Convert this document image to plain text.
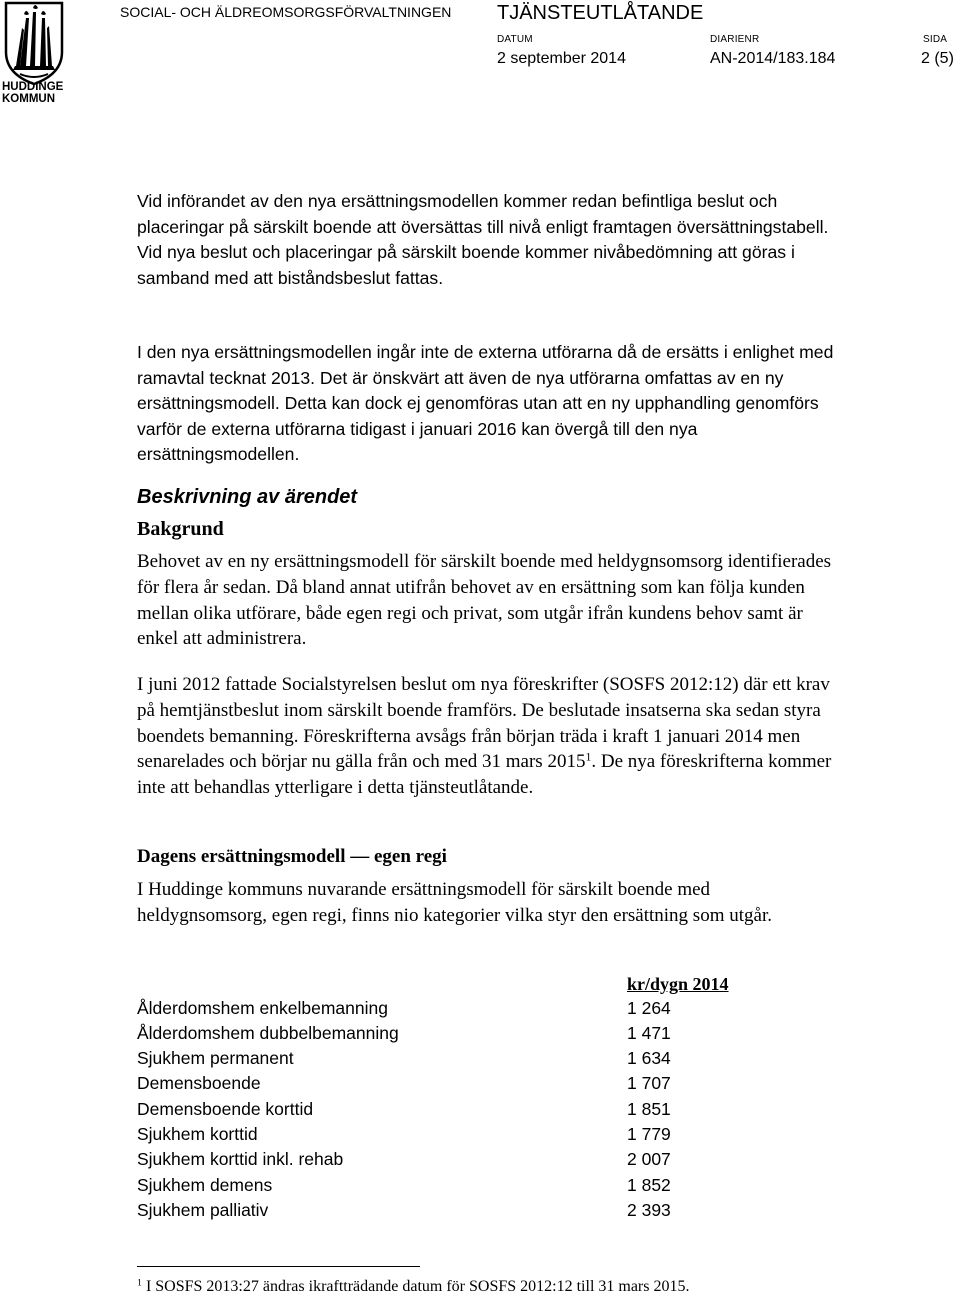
HUDDINGE
KOMMUN
SOCIAL- OCH ÄLDREOMSORGSFÖRVALTNINGEN TJÄNSTEUTLÅTANDE
DATUM
2 september 2014
DIARIENR
AN-2014/183.184
SIDA
2 (5)

Vid införandet av den nya ersättningsmodellen kommer redan befintliga beslut och placeringar på särskilt boende att översättas till nivå enligt framtagen översättningstabell. Vid nya beslut och placeringar på särskilt boende kommer nivåbedömning att göras i samband med att biståndsbeslut fattas.

I den nya ersättningsmodellen ingår inte de externa utförarna då de ersätts i enlighet med ramavtal tecknat 2013. Det är önskvärt att även de nya utförarna omfattas av en ny ersättningsmodell. Detta kan dock ej genomföras utan att en ny upphandling genomförs varför de externa utförarna tidigast i januari 2016 kan övergå till den nya ersättningsmodellen.

Beskrivning av ärendet
Bakgrund

Behovet av en ny ersättningsmodell för särskilt boende med heldygnsomsorg identifierades för flera år sedan. Då bland annat utifrån behovet av en ersättning som kan följa kunden mellan olika utförare, både egen regi och privat, som utgår ifrån kundens behov samt är enkel att administrera.

I juni 2012 fattade Socialstyrelsen beslut om nya föreskrifter (SOSFS 2012:12) där ett krav på hemtjänstbeslut inom särskilt boende framförs. De beslutade insatserna ska sedan styra boendets bemanning. Föreskrifterna avsågs från början träda i kraft 1 januari 2014 men senarelades och börjar nu gälla från och med 31 mars 2015$^1$. De nya föreskrifterna kommer inte att behandlas ytterligare i detta tjänsteutlåtande.

Dagens ersättningsmodell — egen regi

I Huddinge kommuns nuvarande ersättningsmodell för särskilt boende med heldygnsomsorg, egen regi, finns nio kategorier vilka styr den ersättning som utgår.

kr/dygn 2014
Ålderdomshem enkelbemanning	1 264
Ålderdomshem dubbelbemanning	1 471
Sjukhem permanent	1 634
Demensboende	1 707
Demensboende korttid	1 851
Sjukhem korttid	1 779
Sjukhem korttid inkl. rehab	2 007
Sjukhem demens	1 852
Sjukhem palliativ	2 393
$^1$ I SOSFS 2013:27 ändras ikraftträdande datum för SOSFS 2012:12 till 31 mars 2015.
